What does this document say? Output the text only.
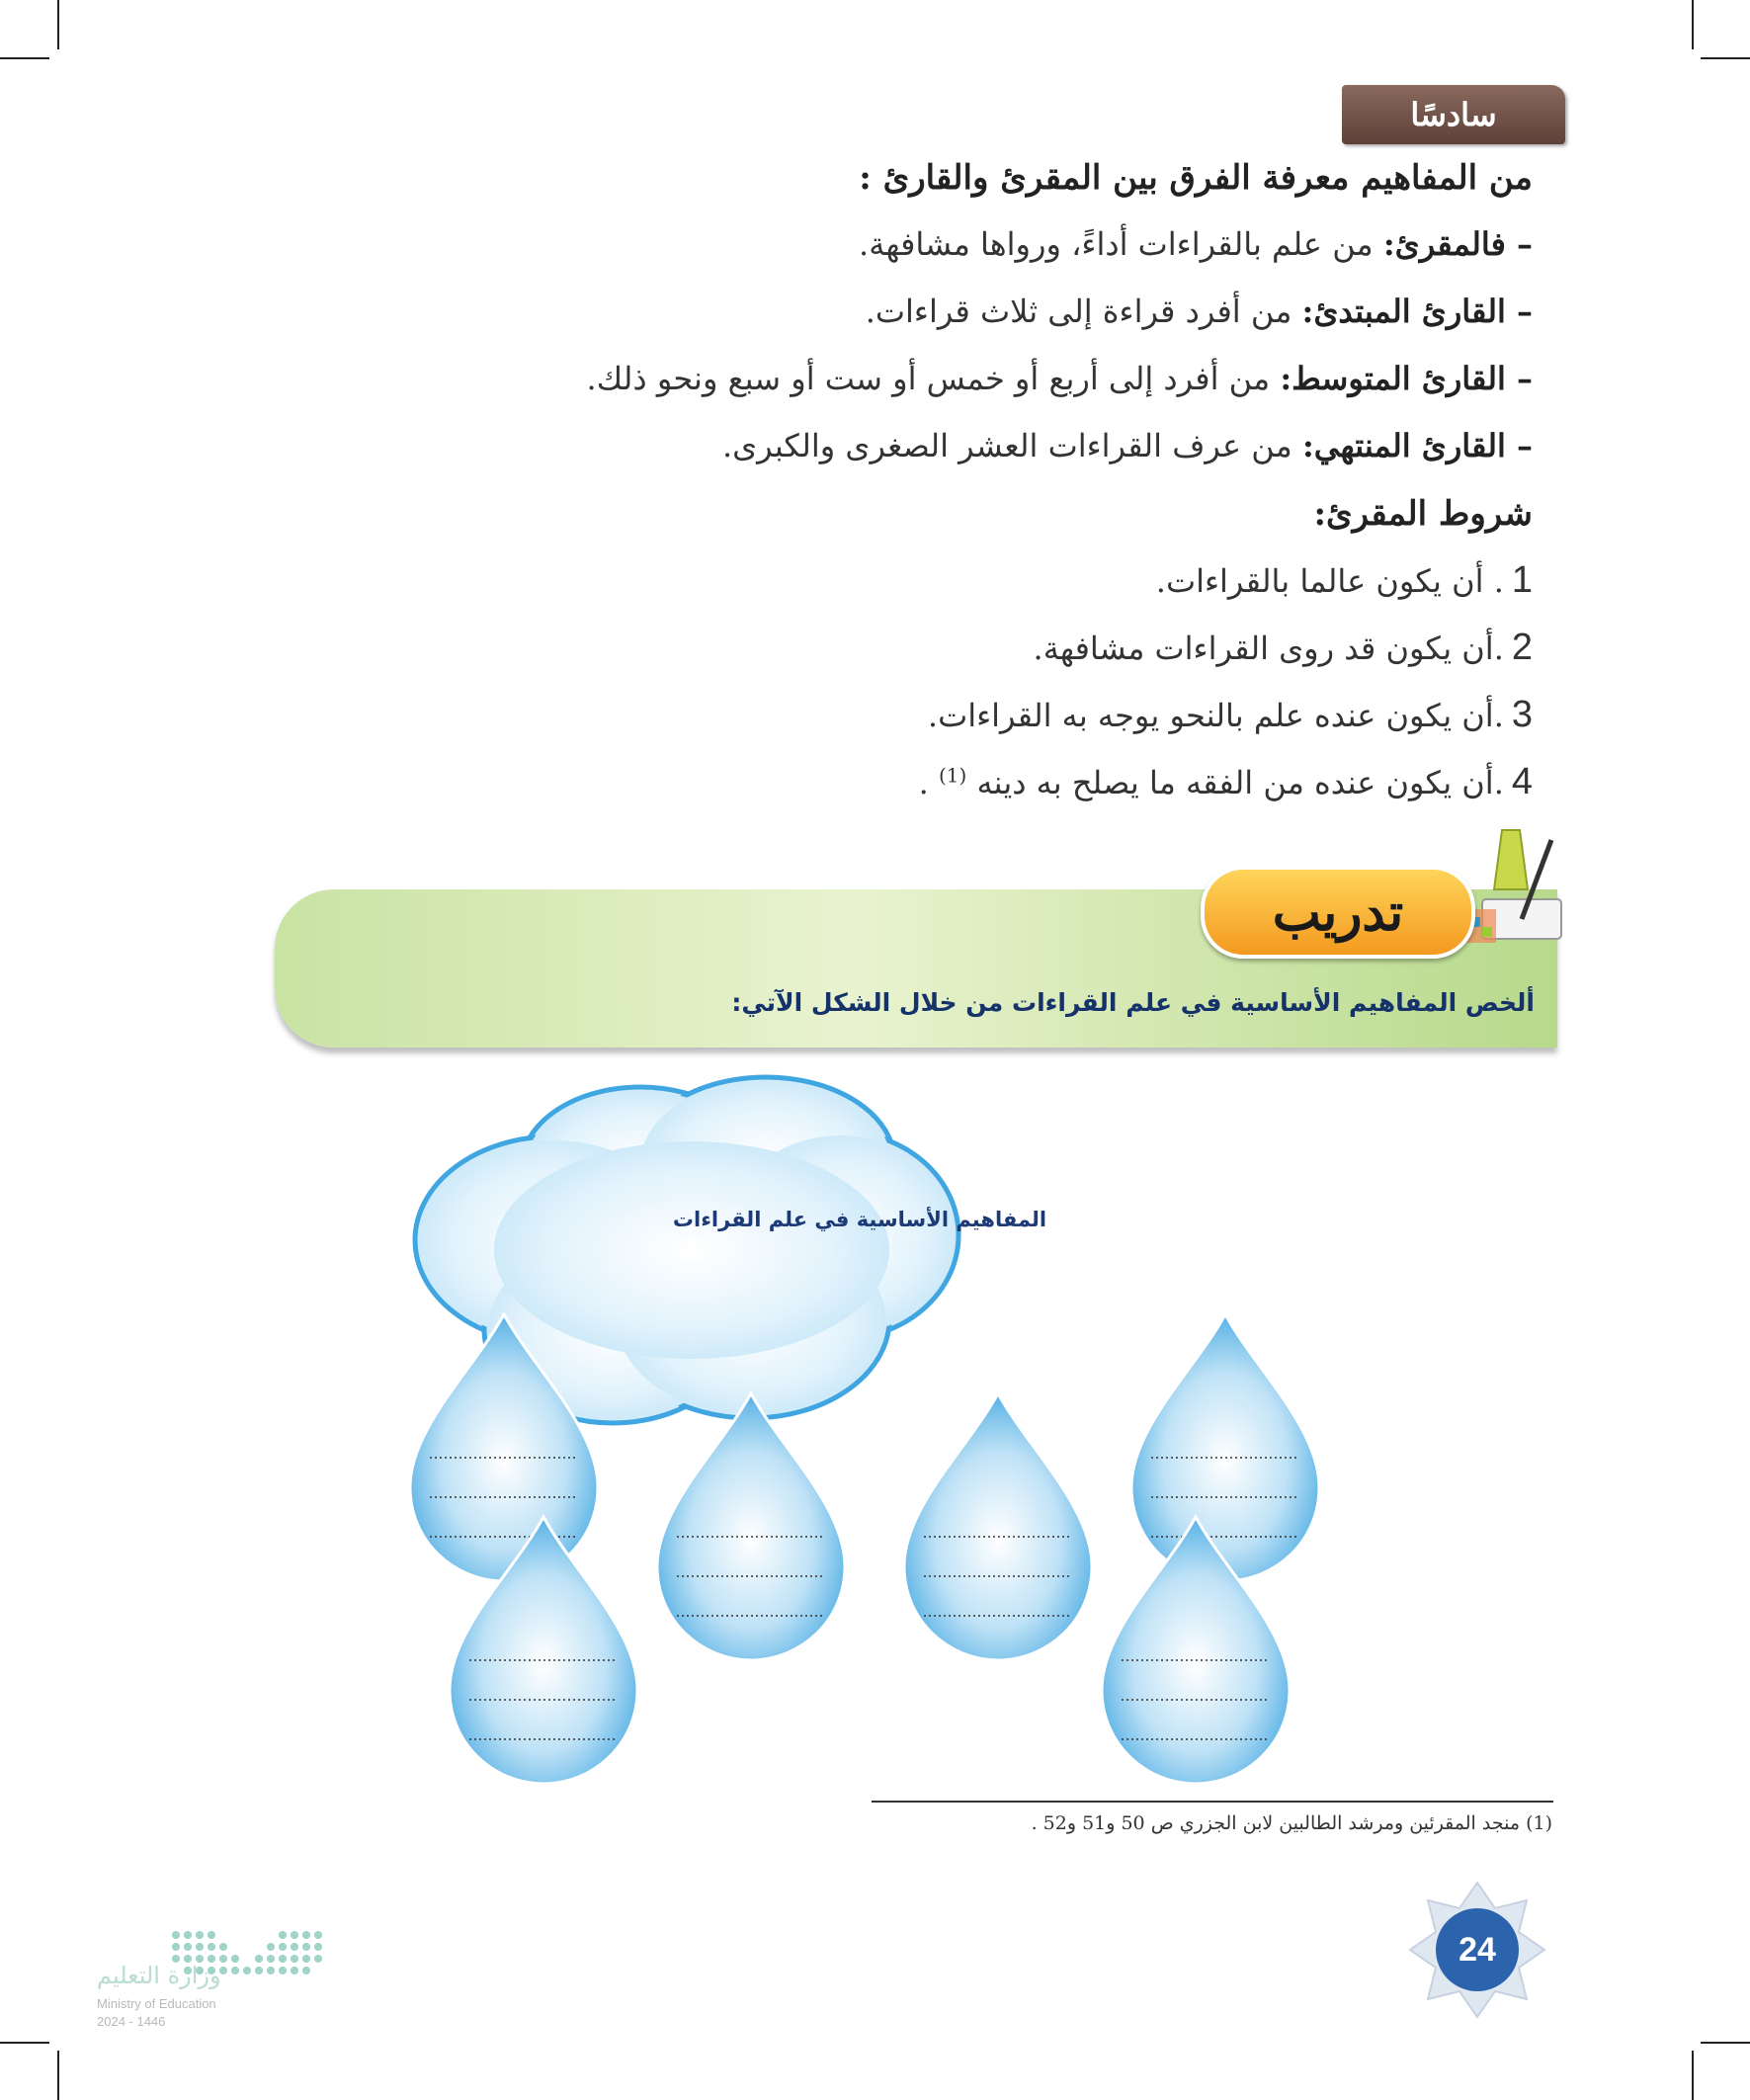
سادسًا
من المفاهيم معرفة الفرق بين المقرئ والقارئ :
– فالمقرئ: من علم بالقراءات أداءً، ورواها مشافهة.
– القارئ المبتدئ: من أفرد قراءة إلى ثلاث قراءات.
– القارئ المتوسط: من أفرد إلى أربع أو خمس أو ست أو سبع ونحو ذلك.
– القارئ المنتهي: من عرف القراءات العشر الصغرى والكبرى.
شروط المقرئ:
1. أن يكون عالما بالقراءات.
2.أن يكون قد روى القراءات مشافهة.
3.أن يكون عنده علم بالنحو يوجه به القراءات.
4.أن يكون عنده من الفقه ما يصلح به دينه $^{(1)}$ .
تدريب
ألخص المفاهيم الأساسية في علم القراءات من خلال الشكل الآتي:
المفاهيم الأساسية في علم القراءات
(1) منجد المقرئين ومرشد الطالبين لابن الجزري ص 50 و51 و52 .
24
وزارة التعليم
Ministry of Education
2024 - 1446
